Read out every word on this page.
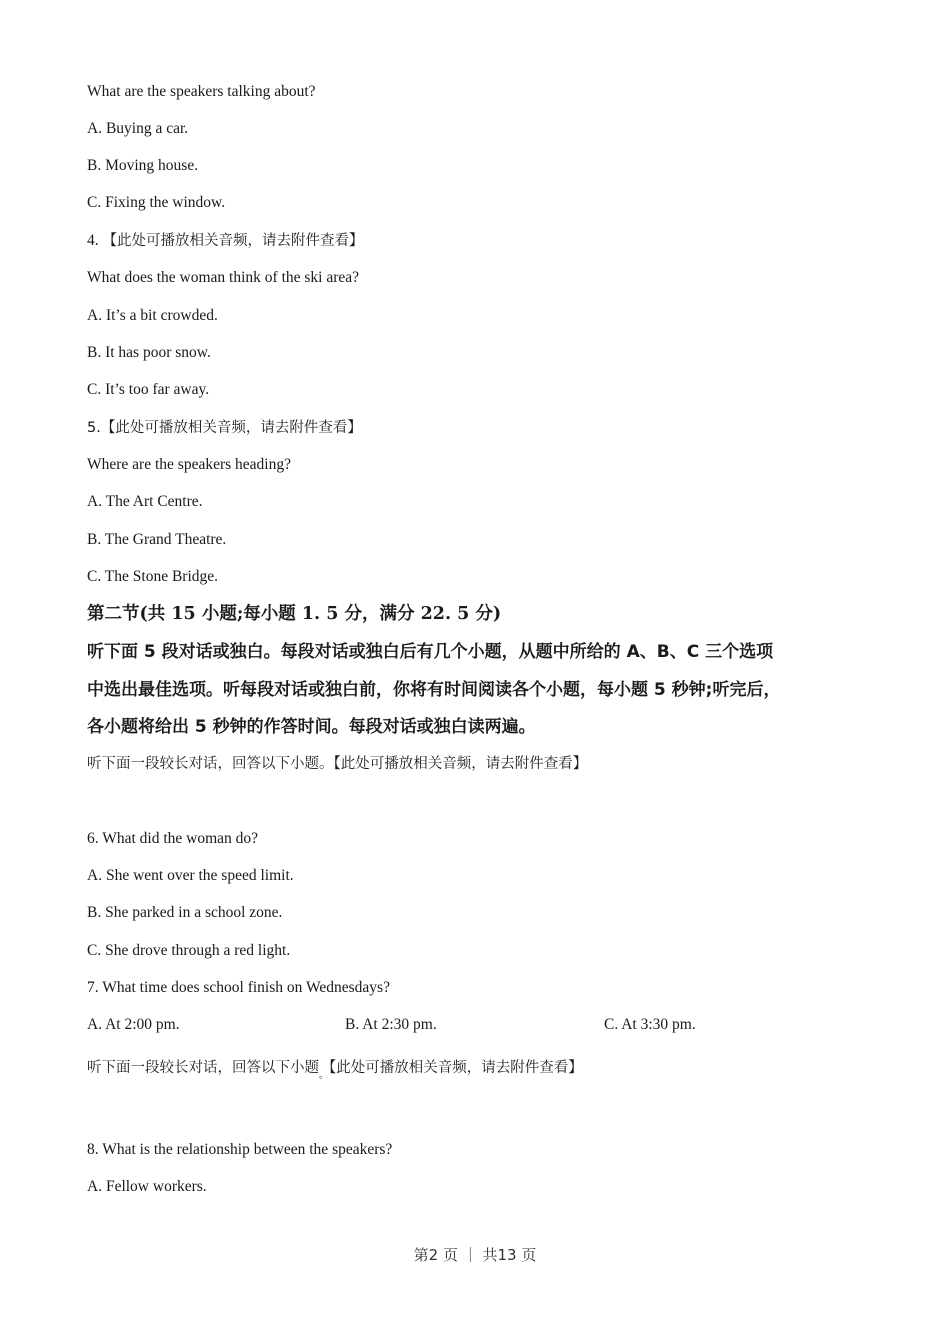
What are the speakers talking about?
A. Buying a car.
B. Moving house.
C. Fixing the window.
4. 【此处可播放相关音频，请去附件查看】
What does the woman think of the ski area?
A. It’s a bit crowded.
B. It has poor snow.
C. It’s too far away.
5.【此处可播放相关音频，请去附件查看】
Where are the speakers heading?
A. The Art Centre.
B. The Grand Theatre.
C. The Stone Bridge.
第二节(共 15 小题;每小题 1. 5 分，满分 22. 5 分)
听下面 5 段对话或独白。每段对话或独白后有几个小题，从题中所给的 A、B、C 三个选项
中选出最佳选项。听每段对话或独白前，你将有时间阅读各个小题，每小题 5 秒钟;听完后，
各小题将给出 5 秒钟的作答时间。每段对话或独白读两遍。
听下面一段较长对话，回答以下小题。【此处可播放相关音频，请去附件查看】
6. What did the woman do?
A. She went over the speed limit.
B. She parked in a school zone.
C. She drove through a red light.
7. What time does school finish on Wednesdays?
A. At 2:00 pm.	B. At 2:30 pm.	C. At 3:30 pm.
听下面一段较长对话，回答以下小题$_。$【此处可播放相关音频，请去附件查看】
8. What is the relationship between the speakers?
A. Fellow workers.
第2 页 ｜ 共13 页
